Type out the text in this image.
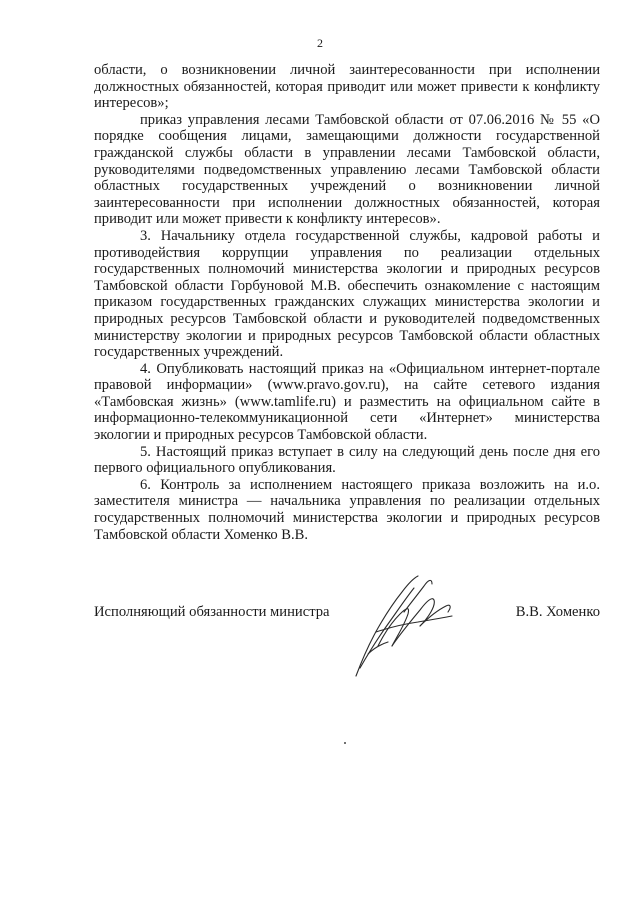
2

области, о возникновении личной заинтересованности при исполнении должностных обязанностей, которая приводит или может привести к конфликту интересов»;

приказ управления лесами Тамбовской области от 07.06.2016 № 55 «О порядке сообщения лицами, замещающими должности государственной гражданской службы области в управлении лесами Тамбовской области, руководителями подведомственных управлению лесами Тамбовской области областных государственных учреждений о возникновении личной заинтересованности при исполнении должностных обязанностей, которая приводит или может привести к конфликту интересов».

3. Начальнику отдела государственной службы, кадровой работы и противодействия коррупции управления по реализации отдельных государственных полномочий министерства экологии и природных ресурсов Тамбовской области Горбуновой М.В. обеспечить ознакомление с настоящим приказом государственных гражданских служащих министерства экологии и природных ресурсов Тамбовской области и руководителей подведомственных министерству экологии и природных ресурсов Тамбовской области областных государственных учреждений.

4. Опубликовать настоящий приказ на «Официальном интернет-портале правовой информации» (www.pravo.gov.ru), на сайте сетевого издания «Тамбовская жизнь» (www.tamlife.ru) и разместить на официальном сайте в информационно-телекоммуникационной сети «Интернет» министерства экологии и природных ресурсов Тамбовской области.

5. Настоящий приказ вступает в силу на следующий день после дня его первого официального опубликования.

6. Контроль за исполнением настоящего приказа возложить на и.о. заместителя министра — начальника управления по реализации отдельных государственных полномочий министерства экологии и природных ресурсов Тамбовской области Хоменко В.В.

Исполняющий обязанности министра	В.В. Хоменко
